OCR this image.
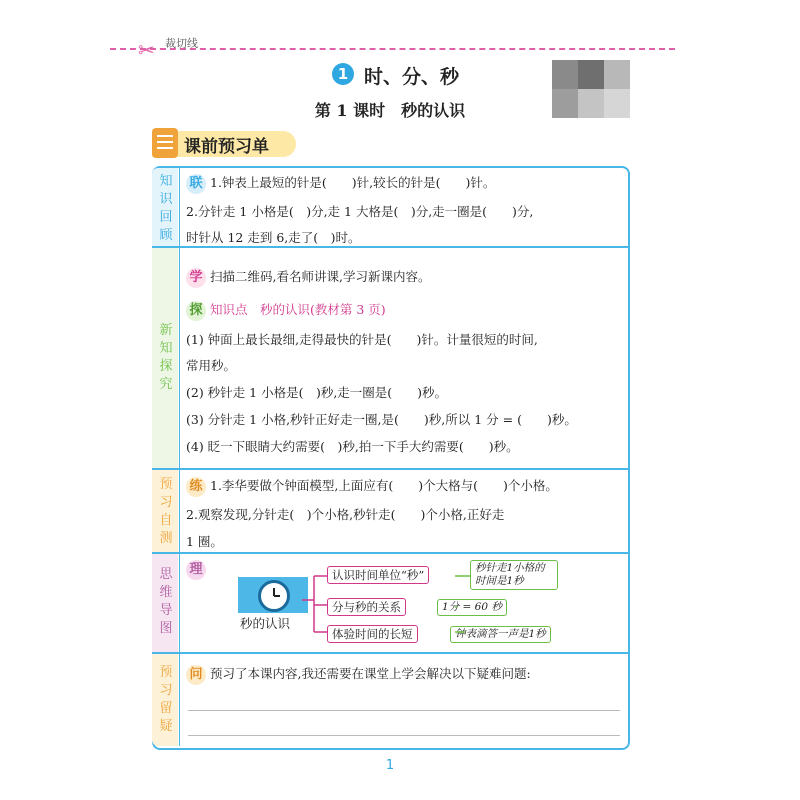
✂ 裁切线
1 时、分、秒
第 1 课时　秒的认识
课前预习单
知识回顾
新知探究
预习自测
思维导图
预习留疑
联 1.钟表上最短的针是(　　)针,较长的针是(　　)针。
2.分针走 1 小格是(　)分,走 1 大格是(　)分,走一圈是(　　)分,
时针从 12 走到 6,走了(　)时。
学 扫描二维码,看名师讲课,学习新课内容。
探 知识点　秒的认识(教材第 3 页)
(1) 钟面上最长最细,走得最快的针是(　　)针。计量很短的时间,
常用秒。
(2) 秒针走 1 小格是(　)秒,走一圈是(　　)秒。
(3) 分针走 1 小格,秒针正好走一圈,是(　　)秒,所以 1 分 = (　　)秒。
(4) 眨一下眼睛大约需要(　)秒,拍一下手大约需要(　　)秒。
练 1.李华要做个钟面模型,上面应有(　　)个大格与(　　)个小格。
2.观察发现,分针走(　)个小格,秒针走(　　)个小格,正好走
1 圈。
理
秒的认识
认识时间单位“秒”	秒针走1小格的时间是1秒
分与秒的关系	1分 = 60 秒
体验时间的长短	钟表滴答一声是1秒
问 预习了本课内容,我还需要在课堂上学会解决以下疑难问题:
1
